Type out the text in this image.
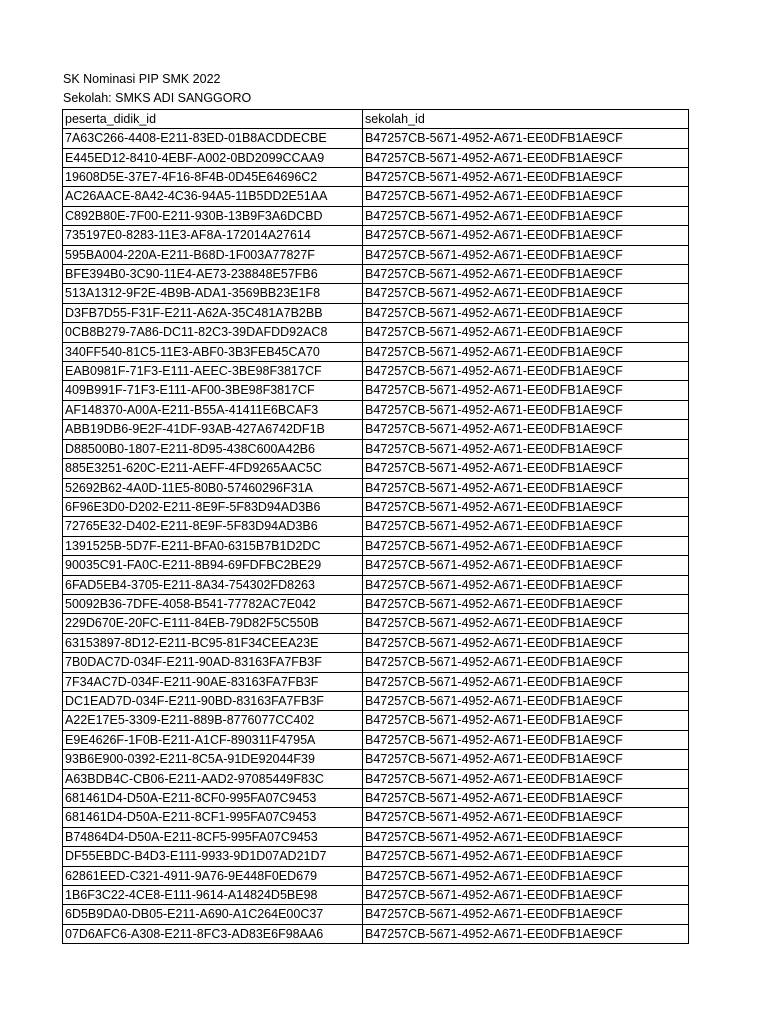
SK Nominasi PIP SMK 2022
Sekolah: SMKS ADI SANGGORO
peserta_didik_id	sekolah_id
7A63C266-4408-E211-83ED-01B8ACDDECBE	B47257CB-5671-4952-A671-EE0DFB1AE9CF
E445ED12-8410-4EBF-A002-0BD2099CCAA9	B47257CB-5671-4952-A671-EE0DFB1AE9CF
19608D5E-37E7-4F16-8F4B-0D45E64696C2	B47257CB-5671-4952-A671-EE0DFB1AE9CF
AC26AACE-8A42-4C36-94A5-11B5DD2E51AA	B47257CB-5671-4952-A671-EE0DFB1AE9CF
C892B80E-7F00-E211-930B-13B9F3A6DCBD	B47257CB-5671-4952-A671-EE0DFB1AE9CF
735197E0-8283-11E3-AF8A-172014A27614	B47257CB-5671-4952-A671-EE0DFB1AE9CF
595BA004-220A-E211-B68D-1F003A77827F	B47257CB-5671-4952-A671-EE0DFB1AE9CF
BFE394B0-3C90-11E4-AE73-238848E57FB6	B47257CB-5671-4952-A671-EE0DFB1AE9CF
513A1312-9F2E-4B9B-ADA1-3569BB23E1F8	B47257CB-5671-4952-A671-EE0DFB1AE9CF
D3FB7D55-F31F-E211-A62A-35C481A7B2BB	B47257CB-5671-4952-A671-EE0DFB1AE9CF
0CB8B279-7A86-DC11-82C3-39DAFDD92AC8	B47257CB-5671-4952-A671-EE0DFB1AE9CF
340FF540-81C5-11E3-ABF0-3B3FEB45CA70	B47257CB-5671-4952-A671-EE0DFB1AE9CF
EAB0981F-71F3-E111-AEEC-3BE98F3817CF	B47257CB-5671-4952-A671-EE0DFB1AE9CF
409B991F-71F3-E111-AF00-3BE98F3817CF	B47257CB-5671-4952-A671-EE0DFB1AE9CF
AF148370-A00A-E211-B55A-41411E6BCAF3	B47257CB-5671-4952-A671-EE0DFB1AE9CF
ABB19DB6-9E2F-41DF-93AB-427A6742DF1B	B47257CB-5671-4952-A671-EE0DFB1AE9CF
D88500B0-1807-E211-8D95-438C600A42B6	B47257CB-5671-4952-A671-EE0DFB1AE9CF
885E3251-620C-E211-AEFF-4FD9265AAC5C	B47257CB-5671-4952-A671-EE0DFB1AE9CF
52692B62-4A0D-11E5-80B0-57460296F31A	B47257CB-5671-4952-A671-EE0DFB1AE9CF
6F96E3D0-D202-E211-8E9F-5F83D94AD3B6	B47257CB-5671-4952-A671-EE0DFB1AE9CF
72765E32-D402-E211-8E9F-5F83D94AD3B6	B47257CB-5671-4952-A671-EE0DFB1AE9CF
1391525B-5D7F-E211-BFA0-6315B7B1D2DC	B47257CB-5671-4952-A671-EE0DFB1AE9CF
90035C91-FA0C-E211-8B94-69FDFBC2BE29	B47257CB-5671-4952-A671-EE0DFB1AE9CF
6FAD5EB4-3705-E211-8A34-754302FD8263	B47257CB-5671-4952-A671-EE0DFB1AE9CF
50092B36-7DFE-4058-B541-77782AC7E042	B47257CB-5671-4952-A671-EE0DFB1AE9CF
229D670E-20FC-E111-84EB-79D82F5C550B	B47257CB-5671-4952-A671-EE0DFB1AE9CF
63153897-8D12-E211-BC95-81F34CEEA23E	B47257CB-5671-4952-A671-EE0DFB1AE9CF
7B0DAC7D-034F-E211-90AD-83163FA7FB3F	B47257CB-5671-4952-A671-EE0DFB1AE9CF
7F34AC7D-034F-E211-90AE-83163FA7FB3F	B47257CB-5671-4952-A671-EE0DFB1AE9CF
DC1EAD7D-034F-E211-90BD-83163FA7FB3F	B47257CB-5671-4952-A671-EE0DFB1AE9CF
A22E17E5-3309-E211-889B-8776077CC402	B47257CB-5671-4952-A671-EE0DFB1AE9CF
E9E4626F-1F0B-E211-A1CF-890311F4795A	B47257CB-5671-4952-A671-EE0DFB1AE9CF
93B6E900-0392-E211-8C5A-91DE92044F39	B47257CB-5671-4952-A671-EE0DFB1AE9CF
A63BDB4C-CB06-E211-AAD2-97085449F83C	B47257CB-5671-4952-A671-EE0DFB1AE9CF
681461D4-D50A-E211-8CF0-995FA07C9453	B47257CB-5671-4952-A671-EE0DFB1AE9CF
681461D4-D50A-E211-8CF1-995FA07C9453	B47257CB-5671-4952-A671-EE0DFB1AE9CF
B74864D4-D50A-E211-8CF5-995FA07C9453	B47257CB-5671-4952-A671-EE0DFB1AE9CF
DF55EBDC-B4D3-E111-9933-9D1D07AD21D7	B47257CB-5671-4952-A671-EE0DFB1AE9CF
62861EED-C321-4911-9A76-9E448F0ED679	B47257CB-5671-4952-A671-EE0DFB1AE9CF
1B6F3C22-4CE8-E111-9614-A14824D5BE98	B47257CB-5671-4952-A671-EE0DFB1AE9CF
6D5B9DA0-DB05-E211-A690-A1C264E00C37	B47257CB-5671-4952-A671-EE0DFB1AE9CF
07D6AFC6-A308-E211-8FC3-AD83E6F98AA6	B47257CB-5671-4952-A671-EE0DFB1AE9CF
